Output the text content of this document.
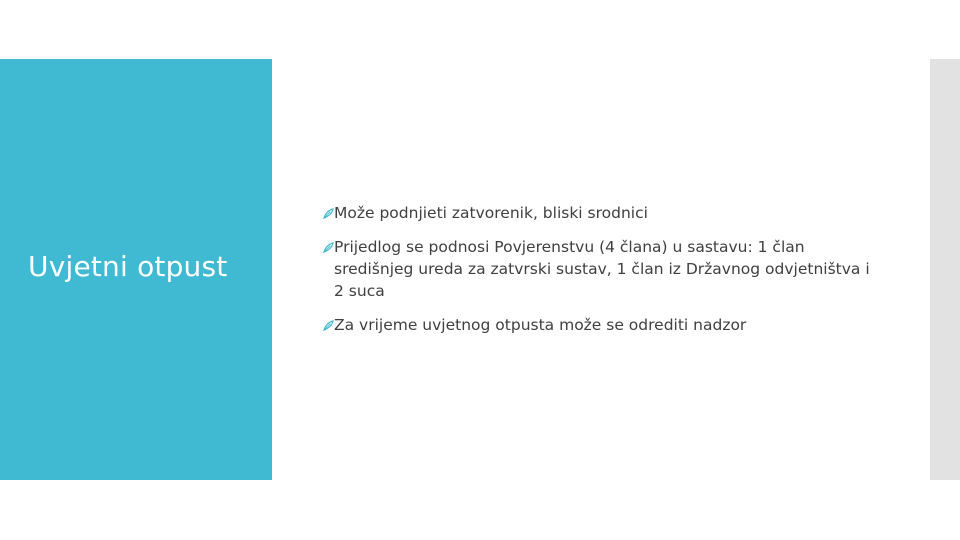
Uvjetni otpust
Može podnjieti zatvorenik, bliski srodnici
Prijedlog se podnosi Povjerenstvu (4 člana) u sastavu: 1 član središnjeg ureda za zatvrski sustav, 1 član iz Državnog odvjetništva i 2 suca
Za vrijeme uvjetnog otpusta može se odrediti nadzor
